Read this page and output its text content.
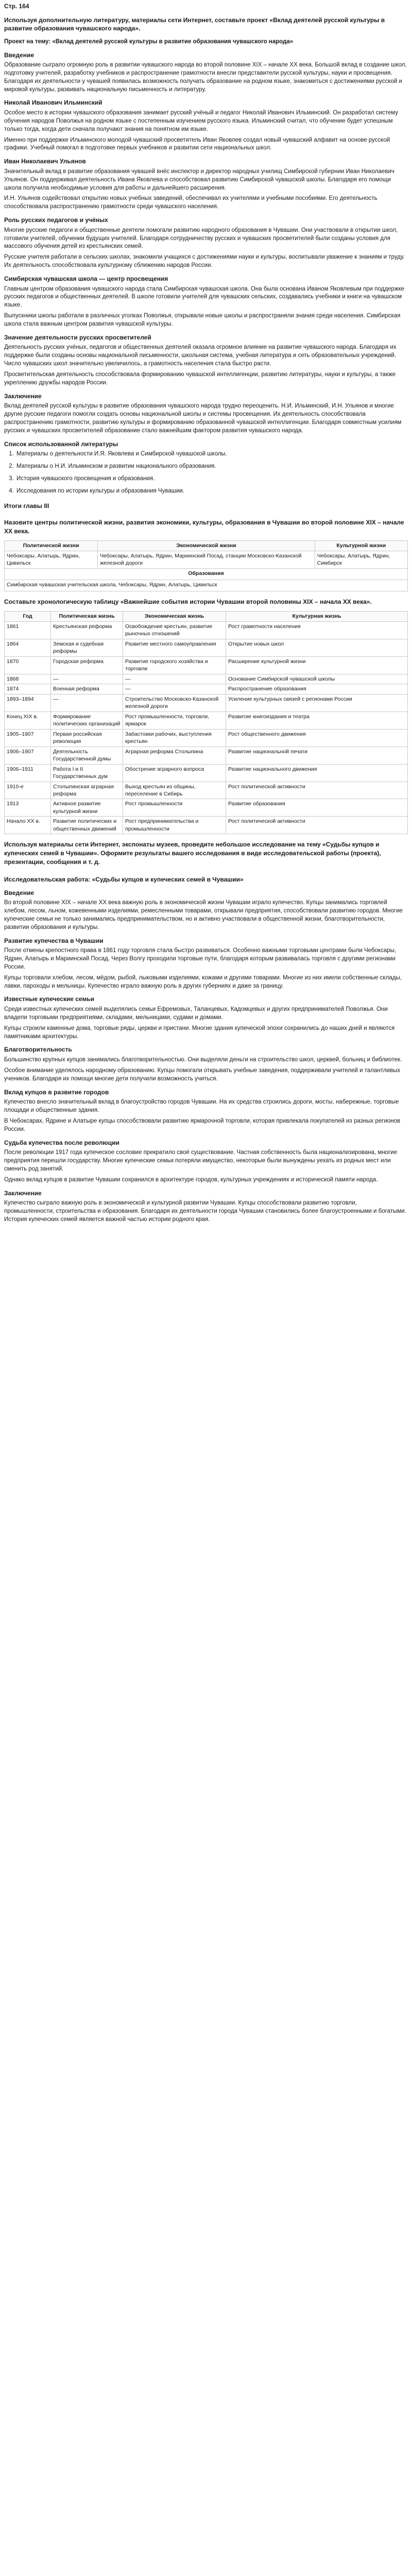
Стр. 164
Используя дополнительную литературу, материалы сети Интернет, составьте проект «Вклад деятелей русской культуры в развитие образования чувашского народа».

Проект на тему: «Вклад деятелей русской культуры в развитие образования чувашского народа»

Введение

Образование сыграло огромную роль в развитии чувашского народа во второй половине XIX – начале XX века. Большой вклад в создание школ, подготовку учителей, разработку учебников и распространение грамотности внесли представители русской культуры, науки и просвещения. Благодаря их деятельности у чувашей появилась возможность получать образование на родном языке, знакомиться с достижениями русской и мировой культуры, развивать национальную письменность и литературу.

Николай Иванович Ильминский

Особое место в истории чувашского образования занимает русский учёный и педагог Николай Иванович Ильминский. Он разработал систему обучения народов Поволжья на родном языке с постепенным изучением русского языка. Ильминский считал, что обучение будет успешным только тогда, когда дети сначала получают знания на понятном им языке.

Именно при поддержке Ильминского молодой чувашский просветитель Иван Яковлев создал новый чувашский алфавит на основе русской графики. Учебный помогал в подготовке первых учебников и развитии сети национальных школ.

Иван Николаевич Ульянов

Значительный вклад в развитие образования чувашей внёс инспектор и директор народных училищ Симбирской губернии Иван Николаевич Ульянов. Он поддерживал деятельность Ивана Яковлева и способствовал развитию Симбирской чувашской школы. Благодаря его помощи школа получила необходимые условия для работы и дальнейшего расширения.

И.Н. Ульянов содействовал открытию новых учебных заведений, обеспечивал их учителями и учебными пособиями. Его деятельность способствовала распространению грамотности среди чувашского населения.

Роль русских педагогов и учёных

Многие русские педагоги и общественные деятели помогали развитию народного образования в Чувашии. Они участвовали в открытии школ, готовили учителей, обучении будущих учителей. Благодаря сотрудничеству русских и чувашских просветителей были созданы условия для массового обучения детей из крестьянских семей.

Русские учителя работали в сельских школах, знакомили учащихся с достижениями науки и культуры, воспитывали уважение к знаниям и труду. Их деятельность способствовала культурному сближению народов России.

Симбирская чувашская школа — центр просвещения

Главным центром образования чувашского народа стала Симбирская чувашская школа. Она была основана Иваном Яковлевым при поддержке русских педагогов и общественных деятелей. В школе готовили учителей для чувашских сельских, создавались учебники и книги на чувашском языке.

Выпускники школы работали в различных уголках Поволжья, открывали новые школы и распространяли знания среди населения. Симбирская школа стала важным центром развития чувашской культуры.

Значение деятельности русских просветителей

Деятельность русских учёных, педагогов и общественных деятелей оказала огромное влияние на развитие чувашского народа. Благодаря их поддержке были созданы основы национальной письменности, школьная система, учебная литература и сеть образовательных учреждений. Число чувашских школ значительно увеличилось, а грамотность населения стала быстро расти.

Просветительская деятельность способствовала формированию чувашской интеллигенции, развитию литературы, науки и культуры, а также укреплению дружбы народов России.

Заключение

Вклад деятелей русской культуры в развитие образования чувашского народа трудно переоценить. Н.И. Ильминский, И.Н. Ульянов и многие другие русские педагоги помогли создать основы национальной школы и системы просвещения. Их деятельность способствовала распространению грамотности, развитию культуры и формированию образованной чувашской интеллигенции. Благодаря совместным усилиям русских и чувашских просветителей образование стало важнейшим фактором развития чувашского народа.

Список использованной литературы
1. Материалы о деятельности И.Я. Яковлева и Симбирской чувашской школы.
2. Материалы о Н.И. Ильминском и развитии национального образования.
3. История чувашского просвещения и образования.
4. Исследования по истории культуры и образования Чувашии.
Итоги главы III
Назовите центры политической жизни, развития экономики, культуры, образования в Чувашии во второй половине XIX – начале XX века.
Политической жизни	Экономической жизни	Культурной жизни
Чебоксары, Алатырь, Ядрин, Цивильск	Чебоксары, Алатырь, Ядрин, Мариинский Посад, станции Московско-Казанской железной дороги	Чебоксары, Алатырь, Ядрин, Симбирск
Образования		
Симбирская чувашская учительская школа, Чебоксары, Ядрин, Алатырь, Цивильск		
Составьте хронологическую таблицу «Важнейшие события истории Чувашии второй половины XIX – начала XX века».
Год	Политическая жизнь	Экономическая жизнь	Культурная жизнь
1861	Крестьянская реформа	Освобождение крестьян, развитие рыночных отношений	Рост грамотности населения
1864	Земская и судебная реформы	Развитие местного самоуправления	Открытие новых школ
1870	Городская реформа	Развитие городского хозяйства и торговли	Расширение культурной жизни
1868	—	—	Основание Симбирской чувашской школы
1874	Военная реформа	—	Распространение образования
1893–1894	—	Строительство Московско-Казанской железной дороги	Усиление культурных связей с регионами России
Конец XIX в.	Формирование политических организаций	Рост промышленности, торговли, ярмарок	Развитие книгоиздания и театра
1905–1907	Первая российская революция	Забастовки рабочих, выступления крестьян	Рост общественного движения
1906–1907	Деятельность Государственной думы	Аграрная реформа Столыпина	Развитие национальной печати
1906–1911	Работа I и II Государственных дум	Обострение аграрного вопроса	Развитие национального движения
1910-е	Столыпинская аграрная реформа	Выход крестьян из общины, переселение в Сибирь	Рост политической активности
1913	Активное развитие культурной жизни	Рост промышленности	Развитие образования
Начало XX в.	Развитие политических и общественных движений	Рост предпринимательства и промышленности	Рост политической активности
Используя материалы сети Интернет, экспонаты музеев, проведите небольшое исследование на тему «Судьбы купцов и купеческих семей в Чувашии». Оформите результаты вашего исследования в виде исследовательской работы (проекта), презентации, сообщения и т. д.
Исследовательская работа: «Судьбы купцов и купеческих семей в Чувашии»
Введение

Во второй половине XIX – начале XX века важную роль в экономической жизни Чувашии играло купечество. Купцы занимались торговлей хлебом, лесом, льном, кожевенными изделиями, ремесленными товарами, открывали предприятия, способствовали развитию городов. Многие купеческие семьи не только занимались предпринимательством, но и активно участвовали в общественной жизни, благотворительности, развитии образования и культуры.

Развитие купечества в Чувашии

После отмены крепостного права в 1861 году торговля стала быстро развиваться. Особенно важными торговыми центрами были Чебоксары, Ядрин, Алатырь и Мариинский Посад. Через Волгу проходили торговые пути, благодаря которым развивалась торговля с другими регионами России.

Купцы торговали хлебом, лесом, мёдом, рыбой, лыковыми изделиями, кожами и другими товарами. Многие из них имели собственные склады, лавки, пароходы и мельницы. Купечество играло важную роль в других губерниях и даже за границу.

Известные купеческие семьи

Среди известных купеческих семей выделялись семьи Ефремовых, Таланцевых, Кадомцевых и других предпринимателей Поволжья. Они владели торговыми предприятиями, складами, мельницами, судами и домами.

Купцы строили каменные дома, торговые ряды, церкви и пристани. Многие здания купеческой эпохи сохранились до наших дней и являются памятниками архитектуры.

Благотворительность

Большинство крупных купцов занимались благотворительностью. Они выделяли деньги на строительство школ, церквей, больниц и библиотек.

Особое внимание уделялось народному образованию. Купцы помогали открывать учебные заведения, поддерживали учителей и талантливых учеников. Благодаря их помощи многие дети получили возможность учиться.

Вклад купцов в развитие городов

Купечество внесло значительный вклад в благоустройство городов Чувашии. На их средства строились дороги, мосты, набережные, торговые площади и общественные здания.

В Чебоксарах, Ядрине и Алатыре купцы способствовали развитию ярмарочной торговли, которая привлекала покупателей из разных регионов России.

Судьба купечества после революции

После революции 1917 года купеческое сословие прекратило своё существование. Частная собственность была национализирована, многие предприятия перешли государству. Многие купеческие семьи потеряли имущество, некоторые были вынуждены уехать из родных мест или сменить род занятий.

Однако вклад купцов в развитие Чувашии сохранился в архитектуре городов, культурных учреждениях и исторической памяти народа.

Заключение

Купечество сыграло важную роль в экономической и культурной развитии Чувашии. Купцы способствовали развитию торговли, промышленности, строительства и образования. Благодаря их деятельности города Чувашии становились более благоустроенными и богатыми. История купеческих семей является важной частью истории родного края.
